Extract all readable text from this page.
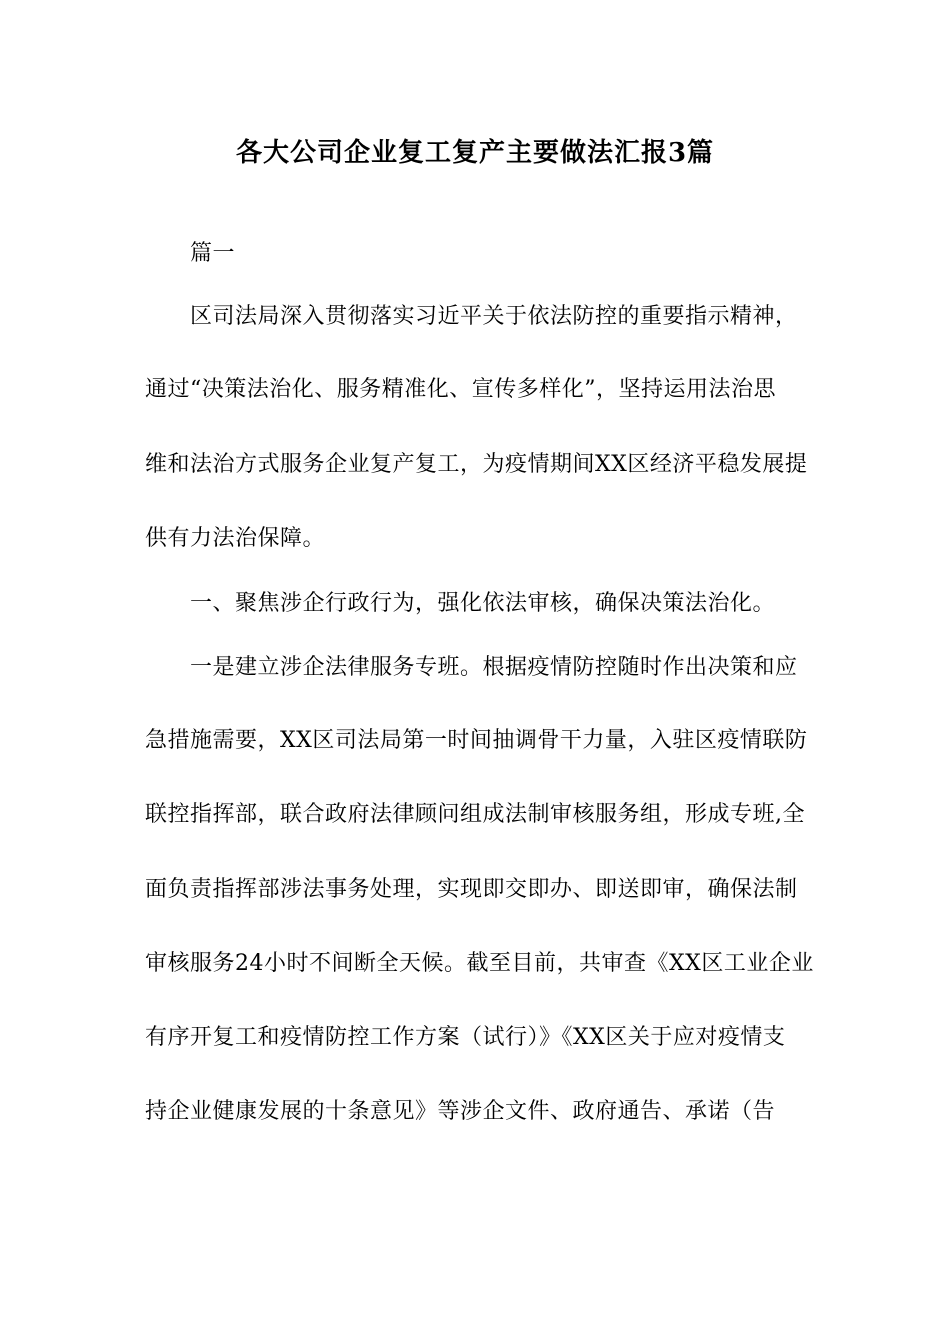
各大公司企业复工复产主要做法汇报3篇
篇一
区司法局深入贯彻落实习近平关于依法防控的重要指示精神，
通过“决策法治化、服务精准化、宣传多样化”，坚持运用法治思
维和法治方式服务企业复产复工，为疫情期间XX区经济平稳发展提
供有力法治保障。
一、聚焦涉企行政行为，强化依法审核，确保决策法治化。
一是建立涉企法律服务专班。根据疫情防控随时作出决策和应
急措施需要，XX区司法局第一时间抽调骨干力量，入驻区疫情联防
联控指挥部，联合政府法律顾问组成法制审核服务组，形成专班,全
面负责指挥部涉法事务处理，实现即交即办、即送即审，确保法制
审核服务24小时不间断全天候。截至目前，共审查《XX区工业企业
有序开复工和疫情防控工作方案（试行）》《XX区关于应对疫情支
持企业健康发展的十条意见》等涉企文件、政府通告、承诺（告
